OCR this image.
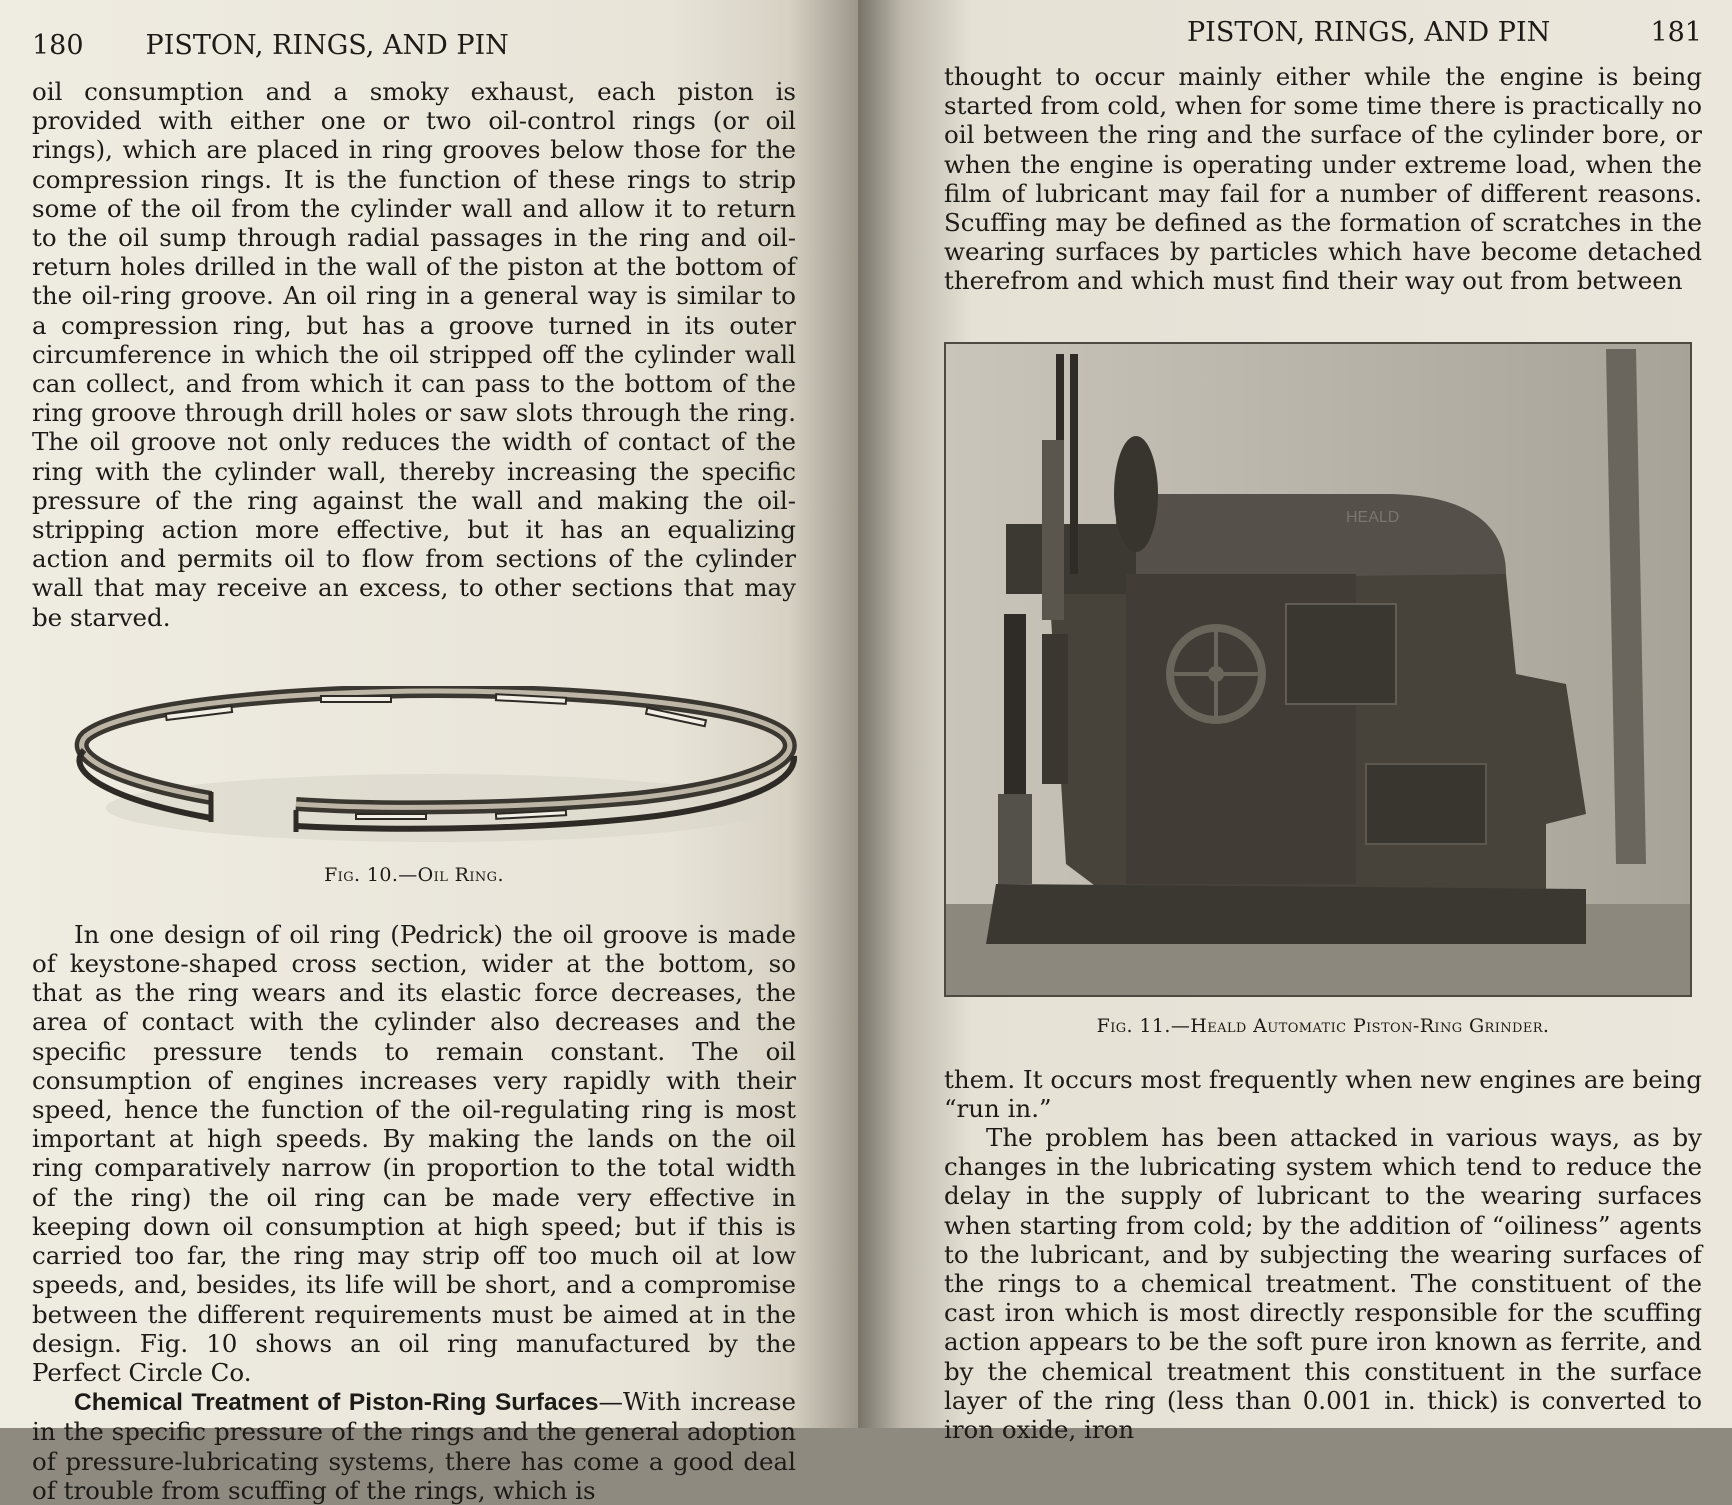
180 PISTON, RINGS, AND PIN

oil consumption and a smoky exhaust, each piston is provided with either one or two oil-control rings (or oil rings), which are placed in ring grooves below those for the compression rings. It is the function of these rings to strip some of the oil from the cylinder wall and allow it to return to the oil sump through radial passages in the ring and oil-return holes drilled in the wall of the piston at the bottom of the oil-ring groove. An oil ring in a general way is similar to a compression ring, but has a groove turned in its outer circumference in which the oil stripped off the cylinder wall can collect, and from which it can pass to the bottom of the ring groove through drill holes or saw slots through the ring. The oil groove not only reduces the width of contact of the ring with the cylinder wall, thereby increasing the specific pressure of the ring against the wall and making the oil-stripping action more effective, but it has an equalizing action and permits oil to flow from sections of the cylinder wall that may receive an excess, to other sections that may be starved.

Fig. 10.—Oil Ring.

In one design of oil ring (Pedrick) the oil groove is made of keystone-shaped cross section, wider at the bottom, so that as the ring wears and its elastic force decreases, the area of contact with the cylinder also decreases and the specific pressure tends to remain constant. The oil consumption of engines increases very rapidly with their speed, hence the function of the oil-regulating ring is most important at high speeds. By making the lands on the oil ring comparatively narrow (in proportion to the total width of the ring) the oil ring can be made very effective in keeping down oil consumption at high speed; but if this is carried too far, the ring may strip off too much oil at low speeds, and, besides, its life will be short, and a compromise between the different requirements must be aimed at in the design. Fig. 10 shows an oil ring manufactured by the Perfect Circle Co.

Chemical Treatment of Piston-Ring Surfaces—With increase in the specific pressure of the rings and the general adoption of pressure-lubricating systems, there has come a good deal of trouble from scuffing of the rings, which is

PISTON, RINGS, AND PIN	181

thought to occur mainly either while the engine is being started from cold, when for some time there is practically no oil between the ring and the surface of the cylinder bore, or when the engine is operating under extreme load, when the film of lubricant may fail for a number of different reasons. Scuffing may be defined as the formation of scratches in the wearing surfaces by particles which have become detached therefrom and which must find their way out from between

HEALD

Fig. 11.—Heald Automatic Piston-Ring Grinder.

them. It occurs most frequently when new engines are being “run in.”

The problem has been attacked in various ways, as by changes in the lubricating system which tend to reduce the delay in the supply of lubricant to the wearing surfaces when starting from cold; by the addition of “oiliness” agents to the lubricant, and by subjecting the wearing surfaces of the rings to a chemical treatment. The constituent of the cast iron which is most directly responsible for the scuffing action appears to be the soft pure iron known as ferrite, and by the chemical treatment this constituent in the surface layer of the ring (less than 0.001 in. thick) is converted to iron oxide, iron
